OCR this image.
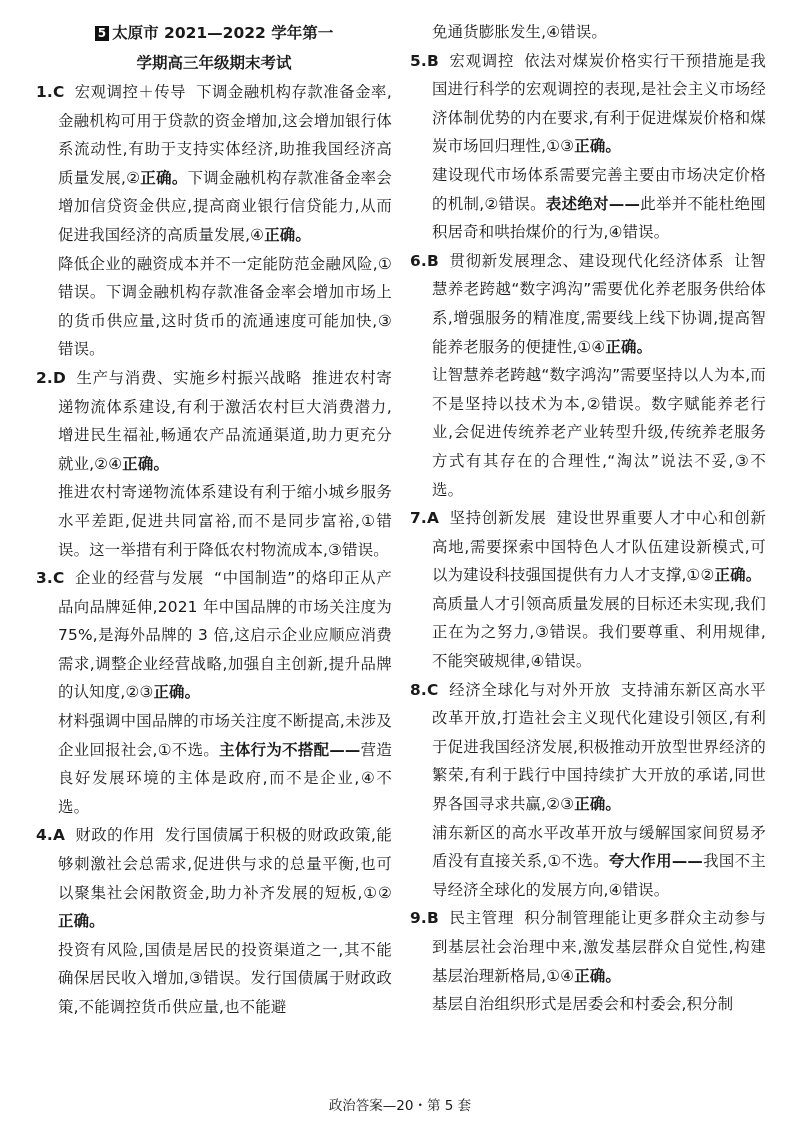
5 太原市 2021—2022 学年第一
学期高三年级期末考试

1.C 宏观调控＋传导 下调金融机构存款准备金率,金融机构可用于贷款的资金增加,这会增加银行体系流动性,有助于支持实体经济,助推我国经济高质量发展,②正确。下调金融机构存款准备金率会增加信贷资金供应,提高商业银行信贷能力,从而促进我国经济的高质量发展,④正确。

降低企业的融资成本并不一定能防范金融风险,①错误。下调金融机构存款准备金率会增加市场上的货币供应量,这时货币的流通速度可能加快,③错误。

2.D 生产与消费、实施乡村振兴战略 推进农村寄递物流体系建设,有利于激活农村巨大消费潜力,增进民生福祉,畅通农产品流通渠道,助力更充分就业,②④正确。

推进农村寄递物流体系建设有利于缩小城乡服务水平差距,促进共同富裕,而不是同步富裕,①错误。这一举措有利于降低农村物流成本,③错误。

3.C 企业的经营与发展 “中国制造”的烙印正从产品向品牌延伸,2021 年中国品牌的市场关注度为 75%,是海外品牌的 3 倍,这启示企业应顺应消费需求,调整企业经营战略,加强自主创新,提升品牌的认知度,②③正确。

材料强调中国品牌的市场关注度不断提高,未涉及企业回报社会,①不选。主体行为不搭配——营造良好发展环境的主体是政府,而不是企业,④不选。

4.A 财政的作用 发行国债属于积极的财政政策,能够刺激社会总需求,促进供与求的总量平衡,也可以聚集社会闲散资金,助力补齐发展的短板,①②正确。

投资有风险,国债是居民的投资渠道之一,其不能确保居民收入增加,③错误。发行国债属于财政政策,不能调控货币供应量,也不能避

免通货膨胀发生,④错误。

5.B 宏观调控 依法对煤炭价格实行干预措施是我国进行科学的宏观调控的表现,是社会主义市场经济体制优势的内在要求,有利于促进煤炭价格和煤炭市场回归理性,①③正确。

建设现代市场体系需要完善主要由市场决定价格的机制,②错误。表述绝对——此举并不能杜绝囤积居奇和哄抬煤价的行为,④错误。

6.B 贯彻新发展理念、建设现代化经济体系 让智慧养老跨越“数字鸿沟”需要优化养老服务供给体系,增强服务的精准度,需要线上线下协调,提高智能养老服务的便捷性,①④正确。

让智慧养老跨越“数字鸿沟”需要坚持以人为本,而不是坚持以技术为本,②错误。数字赋能养老行业,会促进传统养老产业转型升级,传统养老服务方式有其存在的合理性,“淘汰”说法不妥,③不选。

7.A 坚持创新发展 建设世界重要人才中心和创新高地,需要探索中国特色人才队伍建设新模式,可以为建设科技强国提供有力人才支撑,①②正确。

高质量人才引领高质量发展的目标还未实现,我们正在为之努力,③错误。我们要尊重、利用规律,不能突破规律,④错误。

8.C 经济全球化与对外开放 支持浦东新区高水平改革开放,打造社会主义现代化建设引领区,有利于促进我国经济发展,积极推动开放型世界经济的繁荣,有利于践行中国持续扩大开放的承诺,同世界各国寻求共赢,②③正确。

浦东新区的高水平改革开放与缓解国家间贸易矛盾没有直接关系,①不选。夸大作用——我国不主导经济全球化的发展方向,④错误。

9.B 民主管理 积分制管理能让更多群众主动参与到基层社会治理中来,激发基层群众自觉性,构建基层治理新格局,①④正确。

基层自治组织形式是居委会和村委会,积分制

政治答案—20・第 5 套
